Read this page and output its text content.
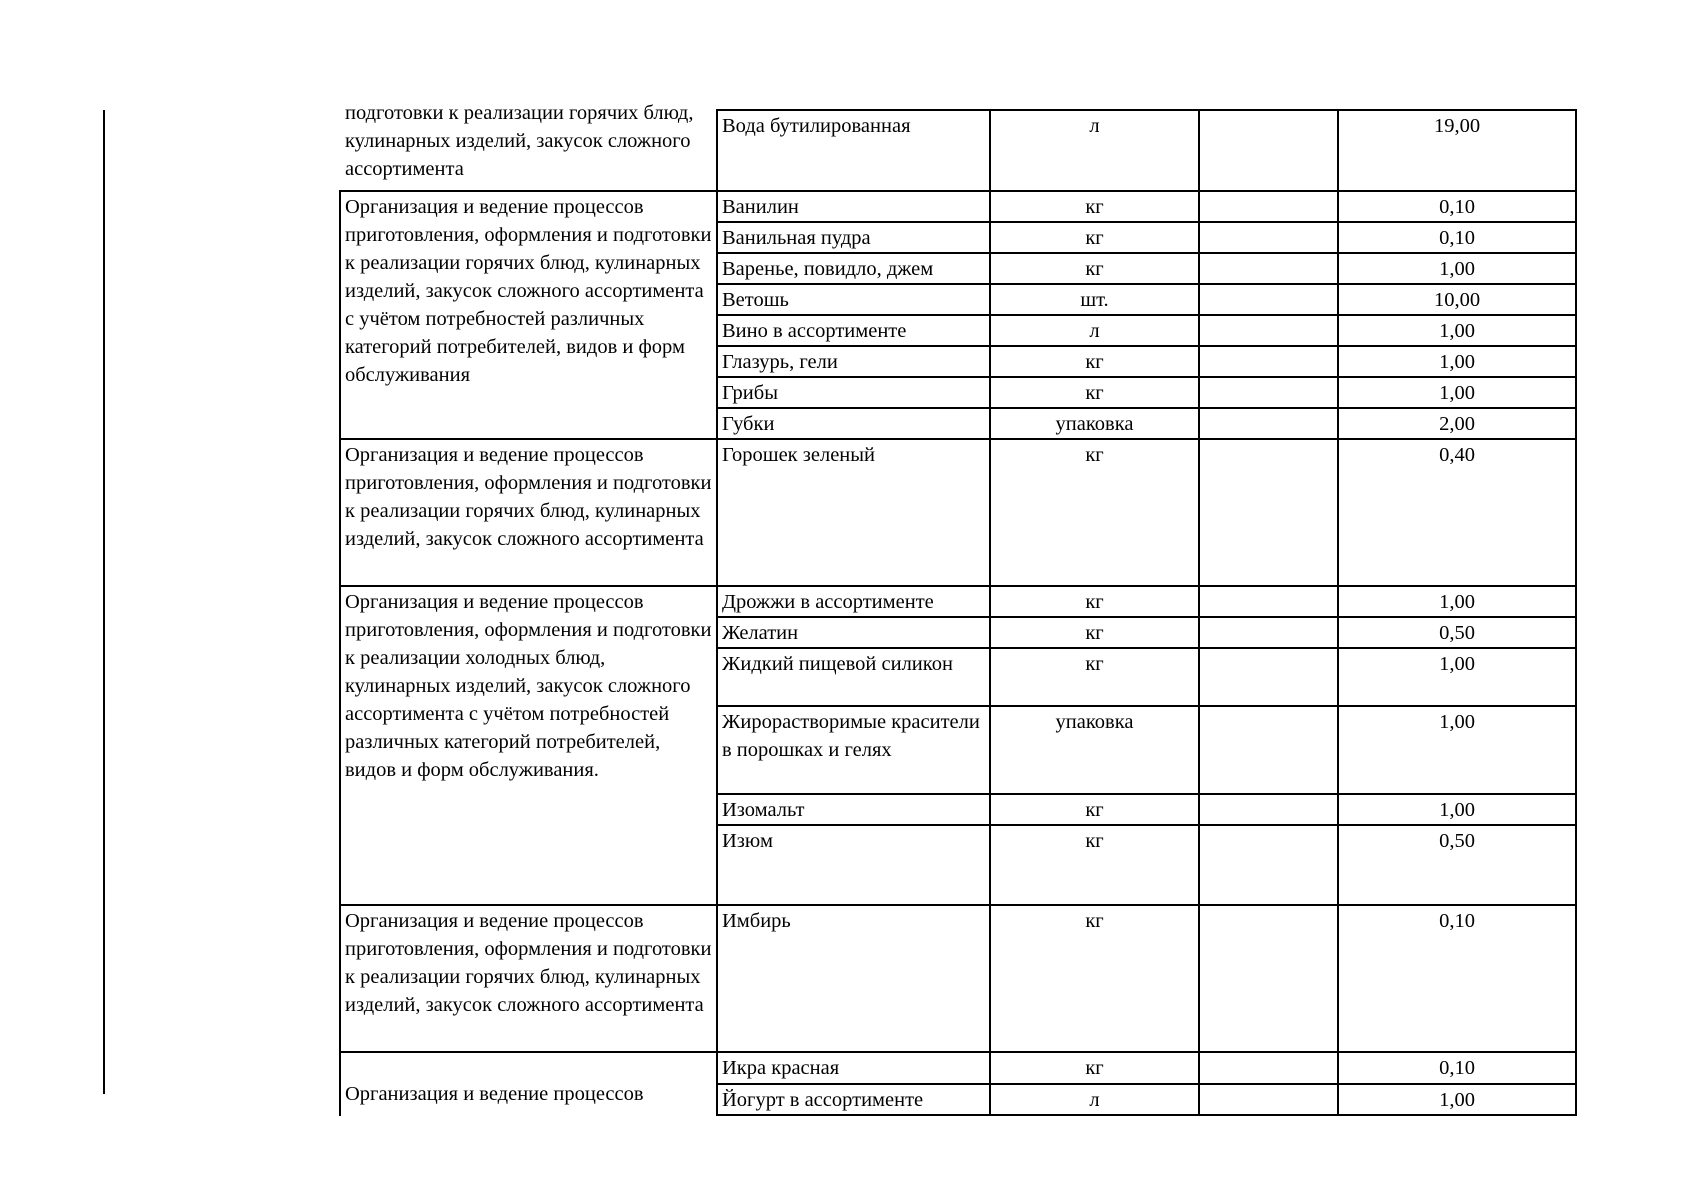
подготовки к реализации горячих блюд, кулинарных изделий, закусок сложного ассортимента	Вода бутилированная	л		19,00

Организация и ведение процессов приготовления, оформления и подготовки к реализации горячих блюд, кулинарных изделий, закусок сложного ассортимента с учётом потребностей различных категорий потребителей, видов и форм обслуживания	Ванилин	кг		0,10
	Ванильная пудра	кг		0,10
	Варенье, повидло, джем	кг		1,00
	Ветошь	шт.		10,00
	Вино в ассортименте	л		1,00
	Глазурь, гели	кг		1,00
	Грибы	кг		1,00
	Губки	упаковка		2,00

Организация и ведение процессов приготовления, оформления и подготовки к реализации горячих блюд, кулинарных изделий, закусок сложного ассортимента	Горошек зеленый	кг		0,40

Организация и ведение процессов приготовления, оформления и подготовки к реализации холодных блюд, кулинарных изделий, закусок сложного ассортимента с учётом потребностей различных категорий потребителей, видов и форм обслуживания.	Дрожжи в ассортименте	кг		1,00
	Желатин	кг		0,50
	Жидкий пищевой силикон	кг		1,00
	Жирорастворимые красители в порошках и гелях	упаковка		1,00
	Изомальт	кг		1,00
	Изюм	кг		0,50

Организация и ведение процессов приготовления, оформления и подготовки к реализации горячих блюд, кулинарных изделий, закусок сложного ассортимента	Имбирь	кг		0,10

Организация и ведение процессов	Икра красная	кг		0,10
	Йогурт в ассортименте	л		1,00
